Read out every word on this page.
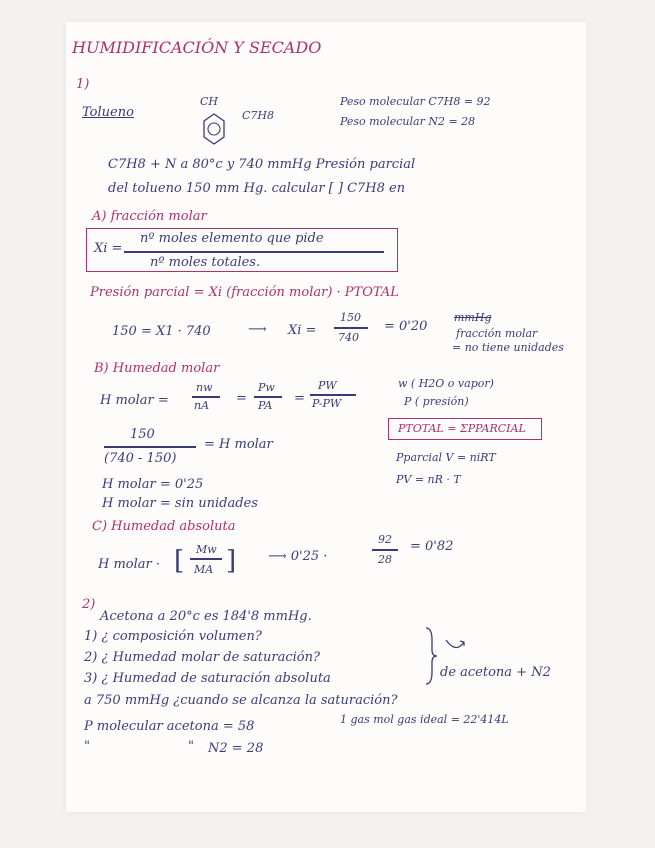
HUMIDIFICACIÓN Y SECADO
1)
Tolueno
CH
C7H8
Peso molecular C7H8 = 92
Peso molecular N2 = 28
C7H8 + N a 80°c y 740 mmHg Presión parcial
del tolueno 150 mm Hg. calcular [ ] C7H8 en
A) fracción molar
Xi =
nº moles elemento que pide
nº moles totales.
Presión parcial = Xi (fracción molar) · PTOTAL
150 = X1 · 740	⟶ Xi =
150
740
= 0'20
mmHg
fracción molar
= no tiene unidades
B) Humedad molar
H molar =
nw
nA =
Pw
PA =
PW
P-PW
w ( H2O o vapor)
P ( presión)
150
(740 - 150)
= H molar
PTOTAL = ΣPPARCIAL
H molar = 0'25
Pparcial V = niRT
PV = nR · T
H molar = sin unidades
C) Humedad absoluta
H molar · [ Mw
MA ] ⟶ 0'25 ·
92
28
= 0'82
2)
Acetona a 20°c es 184'8 mmHg.
1) ¿ composición volumen?
2) ¿ Humedad molar de saturación?
3) ¿ Humedad de saturación absoluta	de acetona + N2
a 750 mmHg ¿cuando se alcanza la saturación?
P molecular acetona = 58	1 gas mol gas ideal = 22'414L
"	" N2 = 28
